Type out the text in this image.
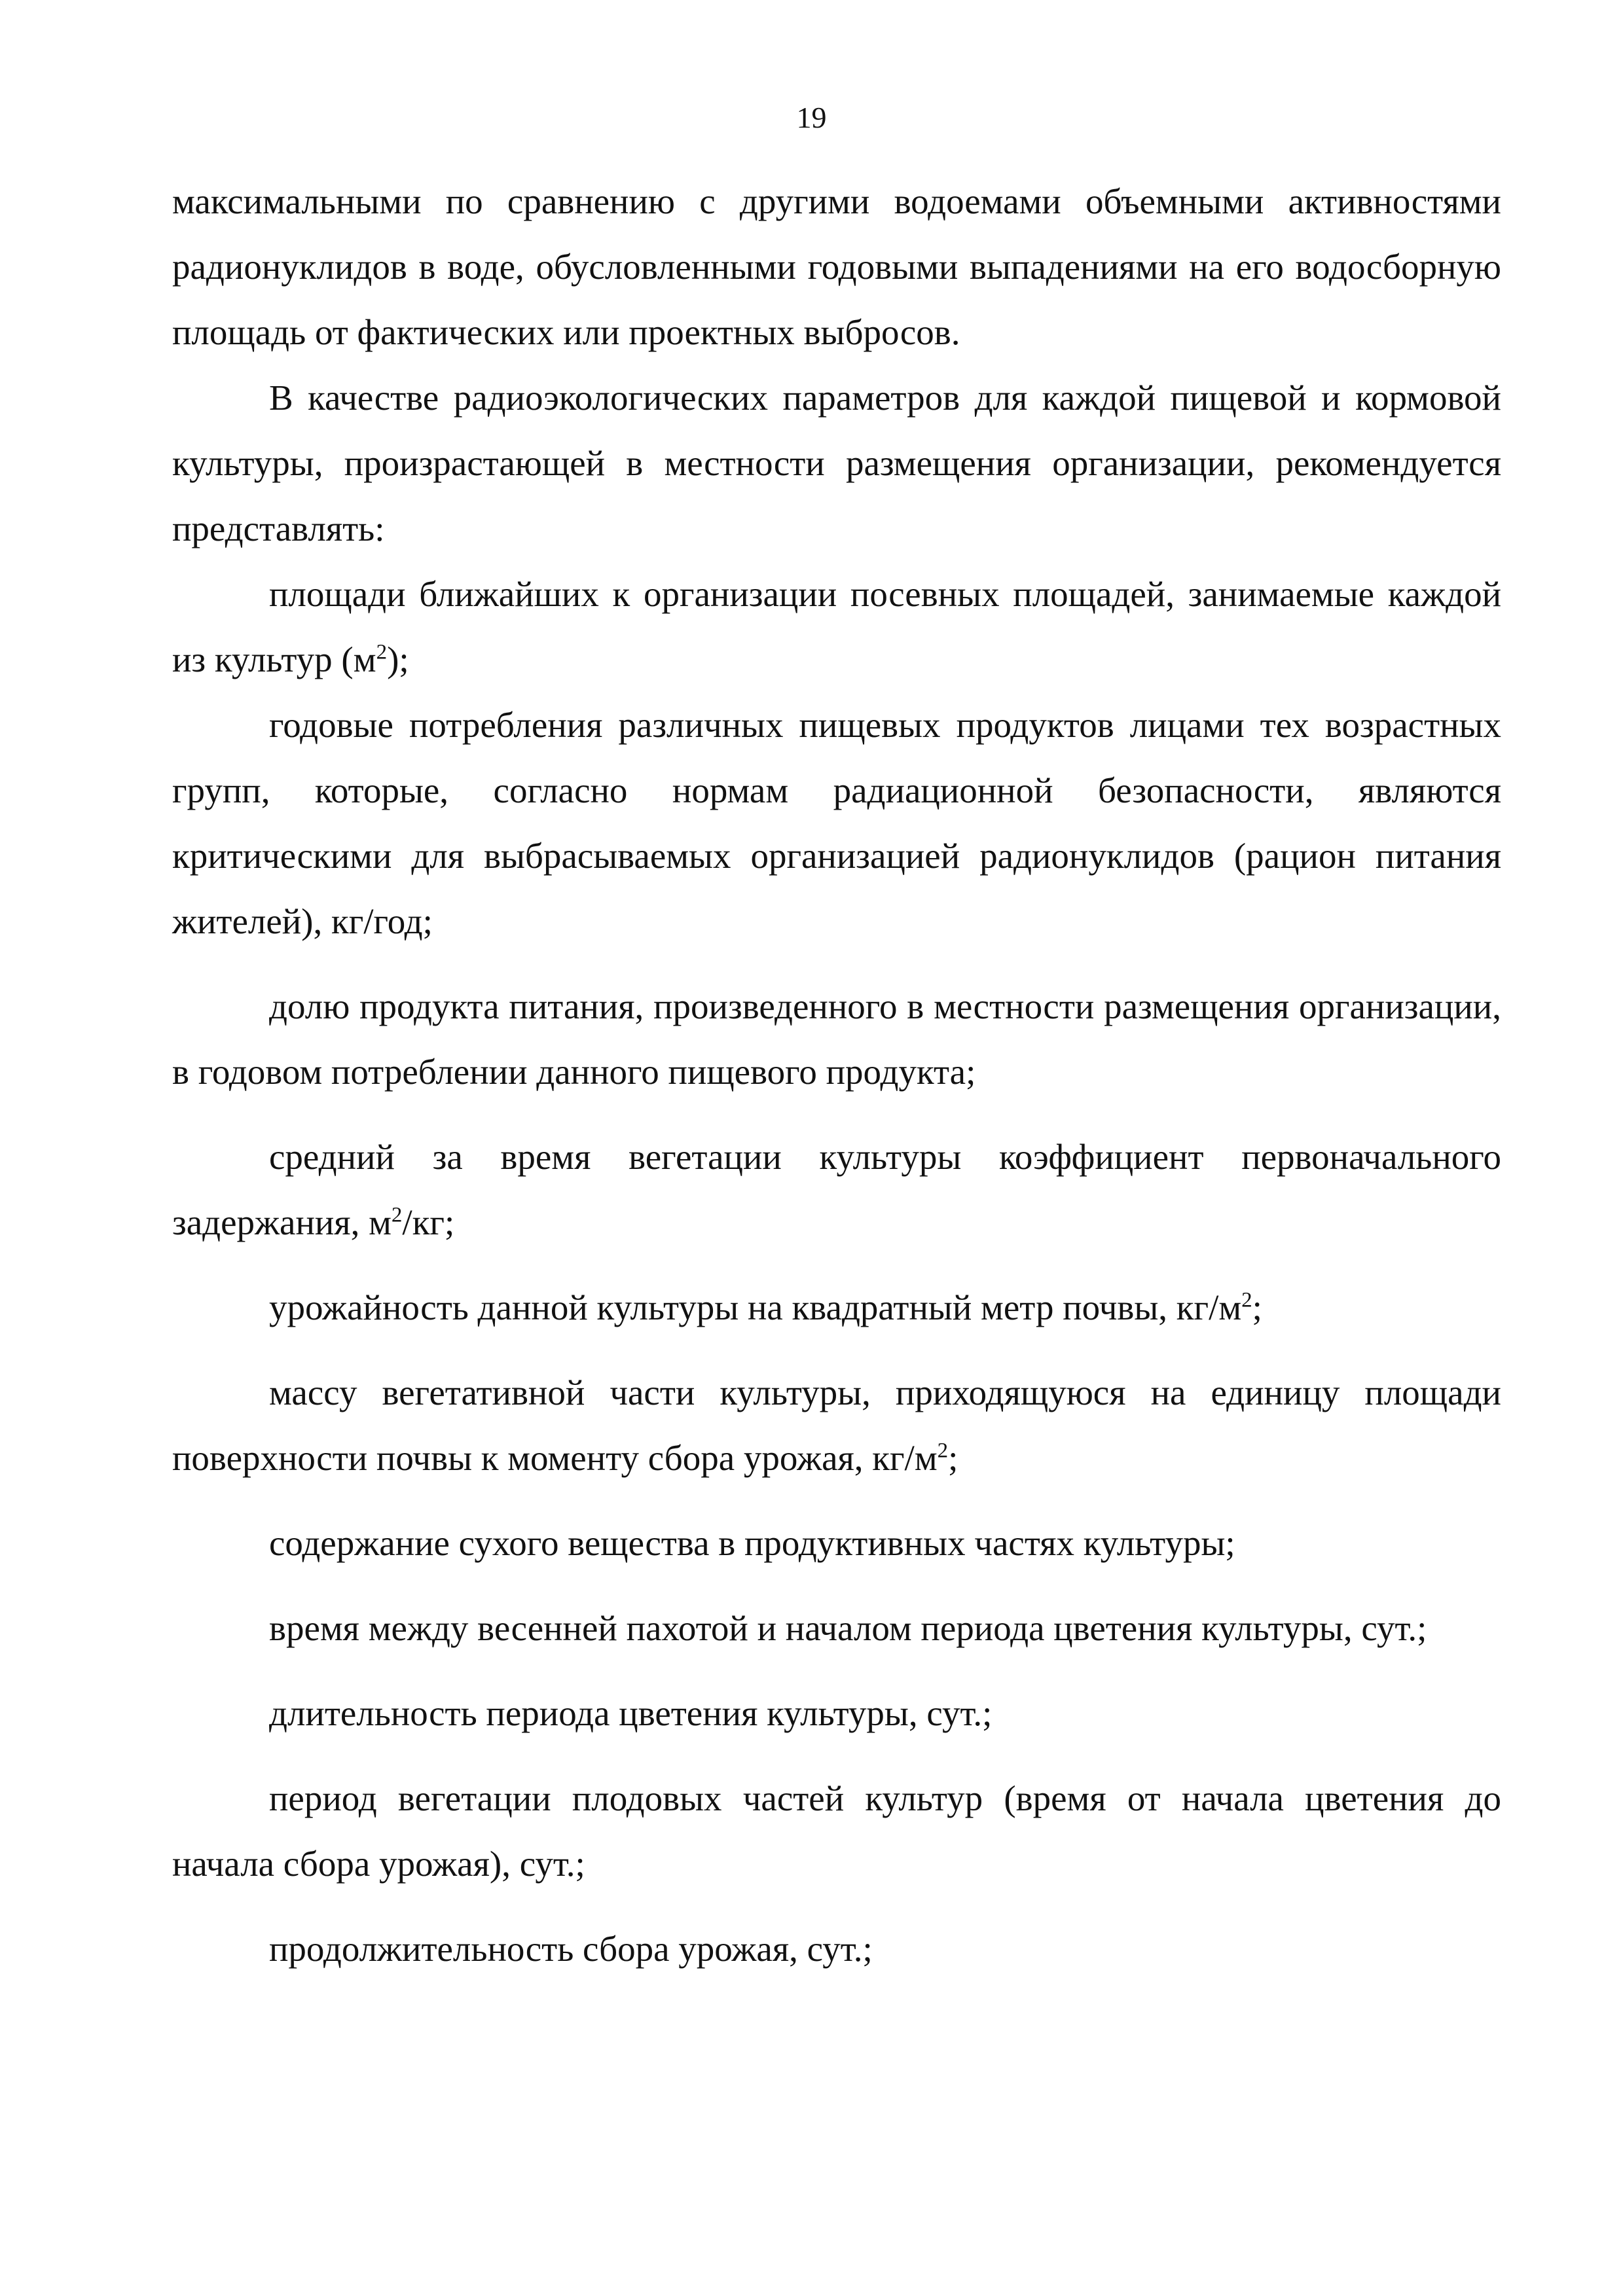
19

максимальными по сравнению с другими водоемами объемными активностями радионуклидов в воде, обусловленными годовыми выпадениями на его водосборную площадь от фактических или проектных выбросов.

В качестве радиоэкологических параметров для каждой пищевой и кормовой культуры, произрастающей в местности размещения организации, рекомендуется представлять:

площади ближайших к организации посевных площадей, занимаемые каждой из культур $(м^2)$;

годовые потребления различных пищевых продуктов лицами тех возрастных групп, которые, согласно нормам радиационной безопасности, являются критическими для выбрасываемых организацией радионуклидов (рацион питания жителей), кг/год;

долю продукта питания, произведенного в местности размещения организации, в годовом потреблении данного пищевого продукта;

средний за время вегетации культуры коэффициент первоначального задержания, $м^2/кг$;

урожайность данной культуры на квадратный метр почвы, $кг/м^2$;

массу вегетативной части культуры, приходящуюся на единицу площади поверхности почвы к моменту сбора урожая, $кг/м^2$;

содержание сухого вещества в продуктивных частях культуры;

время между весенней пахотой и началом периода цветения культуры, сут.;

длительность периода цветения культуры, сут.;

период вегетации плодовых частей культур (время от начала цветения до начала сбора урожая), сут.;

продолжительность сбора урожая, сут.;
